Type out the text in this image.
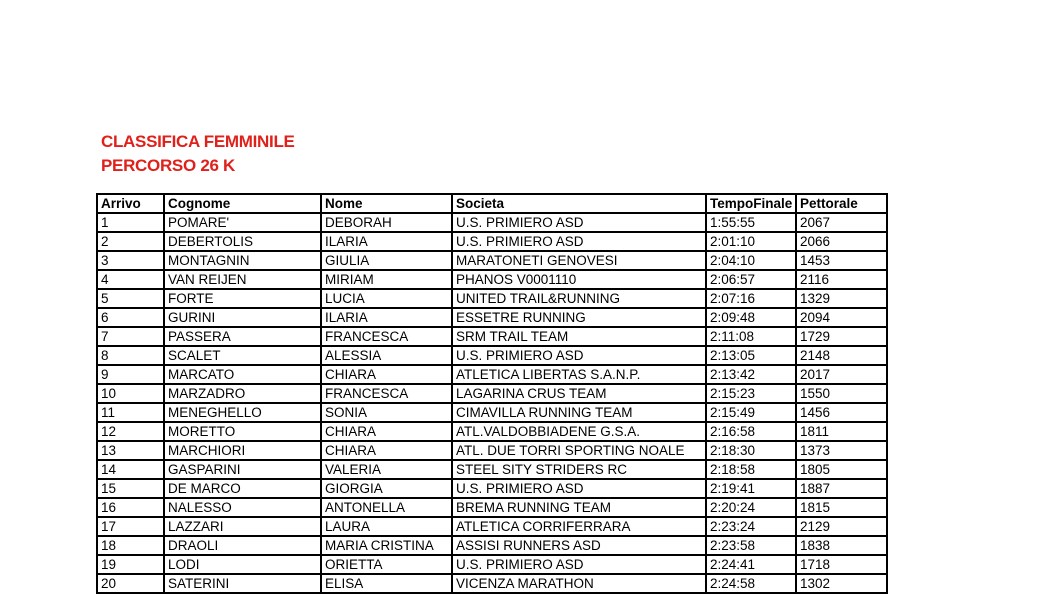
CLASSIFICA FEMMINILE
PERCORSO 26 K
Arrivo	Cognome	Nome	Societa	TempoFinale	Pettorale
1	POMARE'	DEBORAH	U.S. PRIMIERO ASD	1:55:55	2067
2	DEBERTOLIS	ILARIA	U.S. PRIMIERO ASD	2:01:10	2066
3	MONTAGNIN	GIULIA	MARATONETI GENOVESI	2:04:10	1453
4	VAN REIJEN	MIRIAM	PHANOS V0001110	2:06:57	2116
5	FORTE	LUCIA	UNITED TRAIL&RUNNING	2:07:16	1329
6	GURINI	ILARIA	ESSETRE RUNNING	2:09:48	2094
7	PASSERA	FRANCESCA	SRM TRAIL TEAM	2:11:08	1729
8	SCALET	ALESSIA	U.S. PRIMIERO ASD	2:13:05	2148
9	MARCATO	CHIARA	ATLETICA LIBERTAS S.A.N.P.	2:13:42	2017
10	MARZADRO	FRANCESCA	LAGARINA CRUS TEAM	2:15:23	1550
11	MENEGHELLO	SONIA	CIMAVILLA RUNNING TEAM	2:15:49	1456
12	MORETTO	CHIARA	ATL.VALDOBBIADENE G.S.A.	2:16:58	1811
13	MARCHIORI	CHIARA	ATL. DUE TORRI SPORTING NOALE	2:18:30	1373
14	GASPARINI	VALERIA	STEEL SITY STRIDERS RC	2:18:58	1805
15	DE MARCO	GIORGIA	U.S. PRIMIERO ASD	2:19:41	1887
16	NALESSO	ANTONELLA	BREMA RUNNING TEAM	2:20:24	1815
17	LAZZARI	LAURA	ATLETICA CORRIFERRARA	2:23:24	2129
18	DRAOLI	MARIA CRISTINA	ASSISI RUNNERS ASD	2:23:58	1838
19	LODI	ORIETTA	U.S. PRIMIERO ASD	2:24:41	1718
20	SATERINI	ELISA	VICENZA MARATHON	2:24:58	1302
